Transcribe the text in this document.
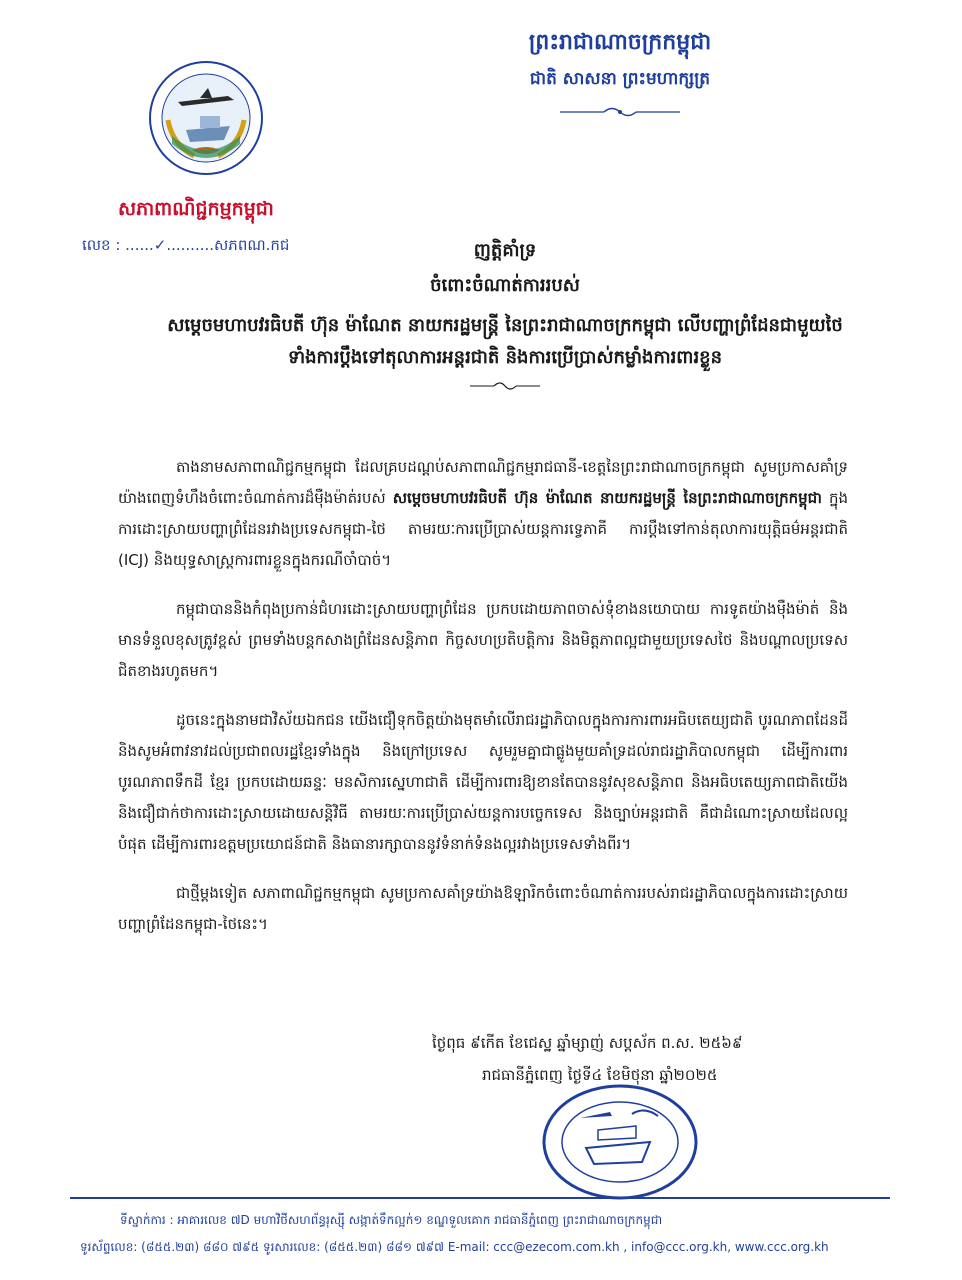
ព្រះរាជាណាចក្រកម្ពុជា
ជាតិ សាសនា ព្រះមហាក្សត្រ
សភាពាណិជ្ជកម្មកម្ពុជា
លេខ : ......✓..........សភពណ.កជ	ញត្តិគាំទ្រ
ចំពោះចំណាត់ការរបស់
សម្តេចមហាបវរធិបតី ហ៊ុន ម៉ាណែត នាយករដ្ឋមន្ត្រី នៃព្រះរាជាណាចក្រកម្ពុជា លើបញ្ហាព្រំដែនជាមួយថៃ ទាំងការប្តឹងទៅតុលាការអន្តរជាតិ និងការប្រើប្រាស់កម្លាំងការពារខ្លួន

តាងនាមសភាពាណិជ្ជកម្មកម្ពុជា ដែលគ្របដណ្តប់សភាពាណិជ្ជកម្មរាជធានី-ខេត្តនៃព្រះរាជាណាចក្រកម្ពុជា សូមប្រកាសគាំទ្រយ៉ាងពេញទំហឹងចំពោះចំណាត់ការដ៏ម៉ឺងម៉ាត់របស់ សម្តេចមហាបវរធិបតី ហ៊ុន ម៉ាណែត នាយករដ្ឋមន្ត្រី នៃព្រះរាជាណាចក្រកម្ពុជា ក្នុងការដោះស្រាយបញ្ហាព្រំដែនរវាងប្រទេសកម្ពុជា-ថៃ តាមរយៈការប្រើប្រាស់យន្តការទ្វេភាគី ការប្តឹងទៅកាន់តុលាការយុត្តិធម៌អន្តរជាតិ (ICJ) និងយុទ្ធសាស្ត្រការពារខ្លួនក្នុងករណីចាំបាច់។

កម្ពុជាបាននិងកំពុងប្រកាន់ជំហរដោះស្រាយបញ្ហាព្រំដែន ប្រកបដោយភាពចាស់ទុំខាងនយោបាយ ការទូតយ៉ាងម៉ឺងម៉ាត់ និងមានទំនួលខុសត្រូវខ្ពស់ ព្រមទាំងបន្តកសាងព្រំដែនសន្តិភាព កិច្ចសហប្រតិបត្តិការ និងមិត្តភាពល្អជាមួយប្រទេសថៃ និងបណ្តាលប្រទេសជិតខាងរហូតមក។

ដូចនេះក្នុងនាមជាវិស័យឯកជន យើងជឿទុកចិត្តយ៉ាងមុតមាំលើរាជរដ្ឋាភិបាលក្នុងការការពារអធិបតេយ្យជាតិ បូរណភាពដែនដី និងសូមអំពាវនាវដល់ប្រជាពលរដ្ឋខ្មែរទាំងក្នុង និងក្រៅប្រទេស សូមរួមគ្នាជាផ្លូងមួយគាំទ្រដល់រាជរដ្ឋាភិបាលកម្ពុជា ដើម្បីការពារបូរណភាពទឹកដី ខ្មែរ ប្រកបដោយឆន្ទៈ មនសិការស្នេហាជាតិ ដើម្បីការពារឱ្យខានតែបាននូវសុខសន្តិភាព និងអធិបតេយ្យភាពជាតិយើង និងជឿជាក់ថាការដោះស្រាយដោយសន្តិវិធី តាមរយៈការប្រើប្រាស់យន្តការបច្ចេកទេស និងច្បាប់អន្តរជាតិ គឺជាដំណោះស្រាយដែលល្អបំផុត ដើម្បីការពារឧត្តមប្រយោជន៍ជាតិ និងធានារក្សាបាននូវទំនាក់ទំនងល្អរវាងប្រទេសទាំងពីរ។

ជាថ្មីម្តងទៀត សភាពាណិជ្ជកម្មកម្ពុជា សូមប្រកាសគាំទ្រយ៉ាងឱឡារិកចំពោះចំណាត់ការរបស់រាជរដ្ឋាភិបាលក្នុងការដោះស្រាយបញ្ហាព្រំដែនកម្ពុជា-ថៃនេះ។

ថ្ងៃពុធ ៩កើត ខែជេស្ឋ ឆ្នាំម្សាញ់ សប្តស័ក ព.ស. ២៥៦៩
រាជធានីភ្នំពេញ ថ្ងៃទី៤ ខែមិថុនា ឆ្នាំ២០២៥
ទីស្នាក់ការ : អាគារលេខ ៧D មហាវិថីសហព័ន្ធរុស្ស៊ី សង្កាត់ទឹកល្អក់១ ខណ្ឌទួលគោក រាជធានីភ្នំពេញ ព្រះរាជាណាចក្រកម្ពុជា
ទូរស័ព្ទលេខ: (៨៥៥.២៣) ៨៨០ ៧៩៥ ទូរសារលេខ: (៨៥៥.២៣) ៨៨១ ៧៩៧ E-mail: ccc@ezecom.com.kh , info@ccc.org.kh, www.ccc.org.kh
